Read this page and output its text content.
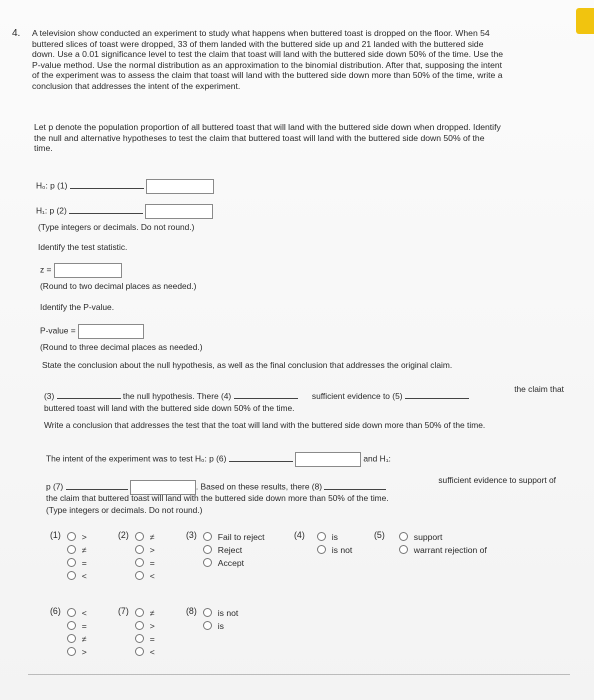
4. A television show conducted an experiment to study what happens when buttered toast is dropped on the floor. When 54
buttered slices of toast were dropped, 33 of them landed with the buttered side up and 21 landed with the buttered side
down. Use a 0.01 significance level to test the claim that toast will land with the buttered side down 50% of the time. Use the
P-value method. Use the normal distribution as an approximation to the binomial distribution. After that, supposing the intent
of the experiment was to assess the claim that toast will land with the buttered side down more than 50% of the time, write a
conclusion that addresses the intent of the experiment.
Let p denote the population proportion of all buttered toast that will land with the buttered side down when dropped. Identify
the null and alternative hypotheses to test the claim that buttered toast will land with the buttered side down 50% of the
time.
H₀: p (1)
H₁: p (2)
(Type integers or decimals. Do not round.)
Identify the test statistic.
z =
(Round to two decimal places as needed.)
Identify the P-value.
P-value =
(Round to three decimal places as needed.)
State the conclusion about the null hypothesis, as well as the final conclusion that addresses the original claim.
(3)	the null hypothesis. There (4)	sufficient evidence to (5)
the claim that
buttered toast will land with the buttered side down 50% of the time.
Write a conclusion that addresses the test that the toat will land with the buttered side down more than 50% of the time.
The intent of the experiment was to test H₀: p (6)	and H₁:
p (7)	. Based on these results, there (8)
sufficient evidence to support of
the claim that buttered toast will land with the buttered side down more than 50% of the time.
(Type integers or decimals. Do not round.)
(1) >
≠
=
<
(2) ≠
>
=
<
(3) Fail to reject
Reject
Accept
(4)	is
is not
(5)	support
warrant rejection of
(6) <
=
≠
>
(7) ≠
>
=
<
(8) is not
is
